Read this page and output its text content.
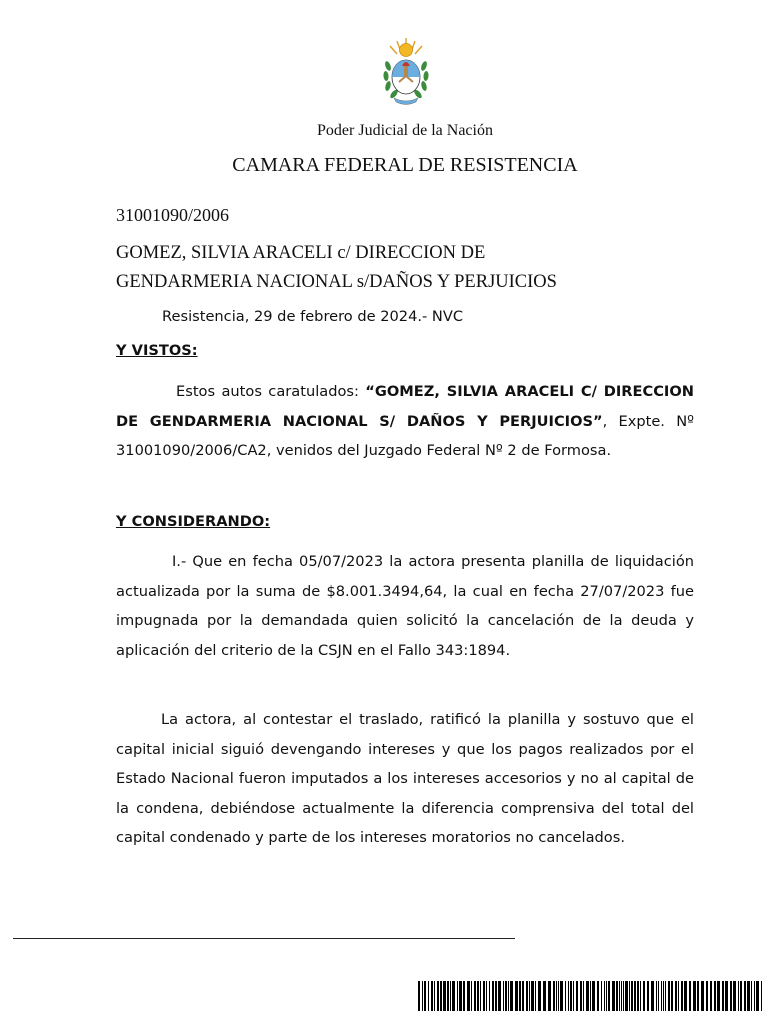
Poder Judicial de la Nación
CAMARA FEDERAL DE RESISTENCIA
31001090/2006
GOMEZ, SILVIA ARACELI c/ DIRECCION DE
GENDARMERIA NACIONAL s/DAÑOS Y PERJUICIOS
Resistencia, 29 de febrero de 2024.- NVC
Y VISTOS:

Estos autos caratulados: “GOMEZ, SILVIA ARACELI C/ DIRECCION DE GENDARMERIA NACIONAL S/ DAÑOS Y PERJUICIOS”, Expte. Nº 31001090/2006/CA2, venidos del Juzgado Federal Nº 2 de Formosa.

Y CONSIDERANDO:

I.- Que en fecha 05/07/2023 la actora presenta planilla de liquidación actualizada por la suma de $8.001.3494,64, la cual en fecha 27/07/2023 fue impugnada por la demandada quien solicitó la cancelación de la deuda y aplicación del criterio de la CSJN en el Fallo 343:1894.

La actora, al contestar el traslado, ratificó la planilla y sostuvo que el capital inicial siguió devengando intereses y que los pagos realizados por el Estado Nacional fueron imputados a los intereses accesorios y no al capital de la condena, debiéndose actualmente la diferencia comprensiva del total del capital condenado y parte de los intereses moratorios no cancelados.
